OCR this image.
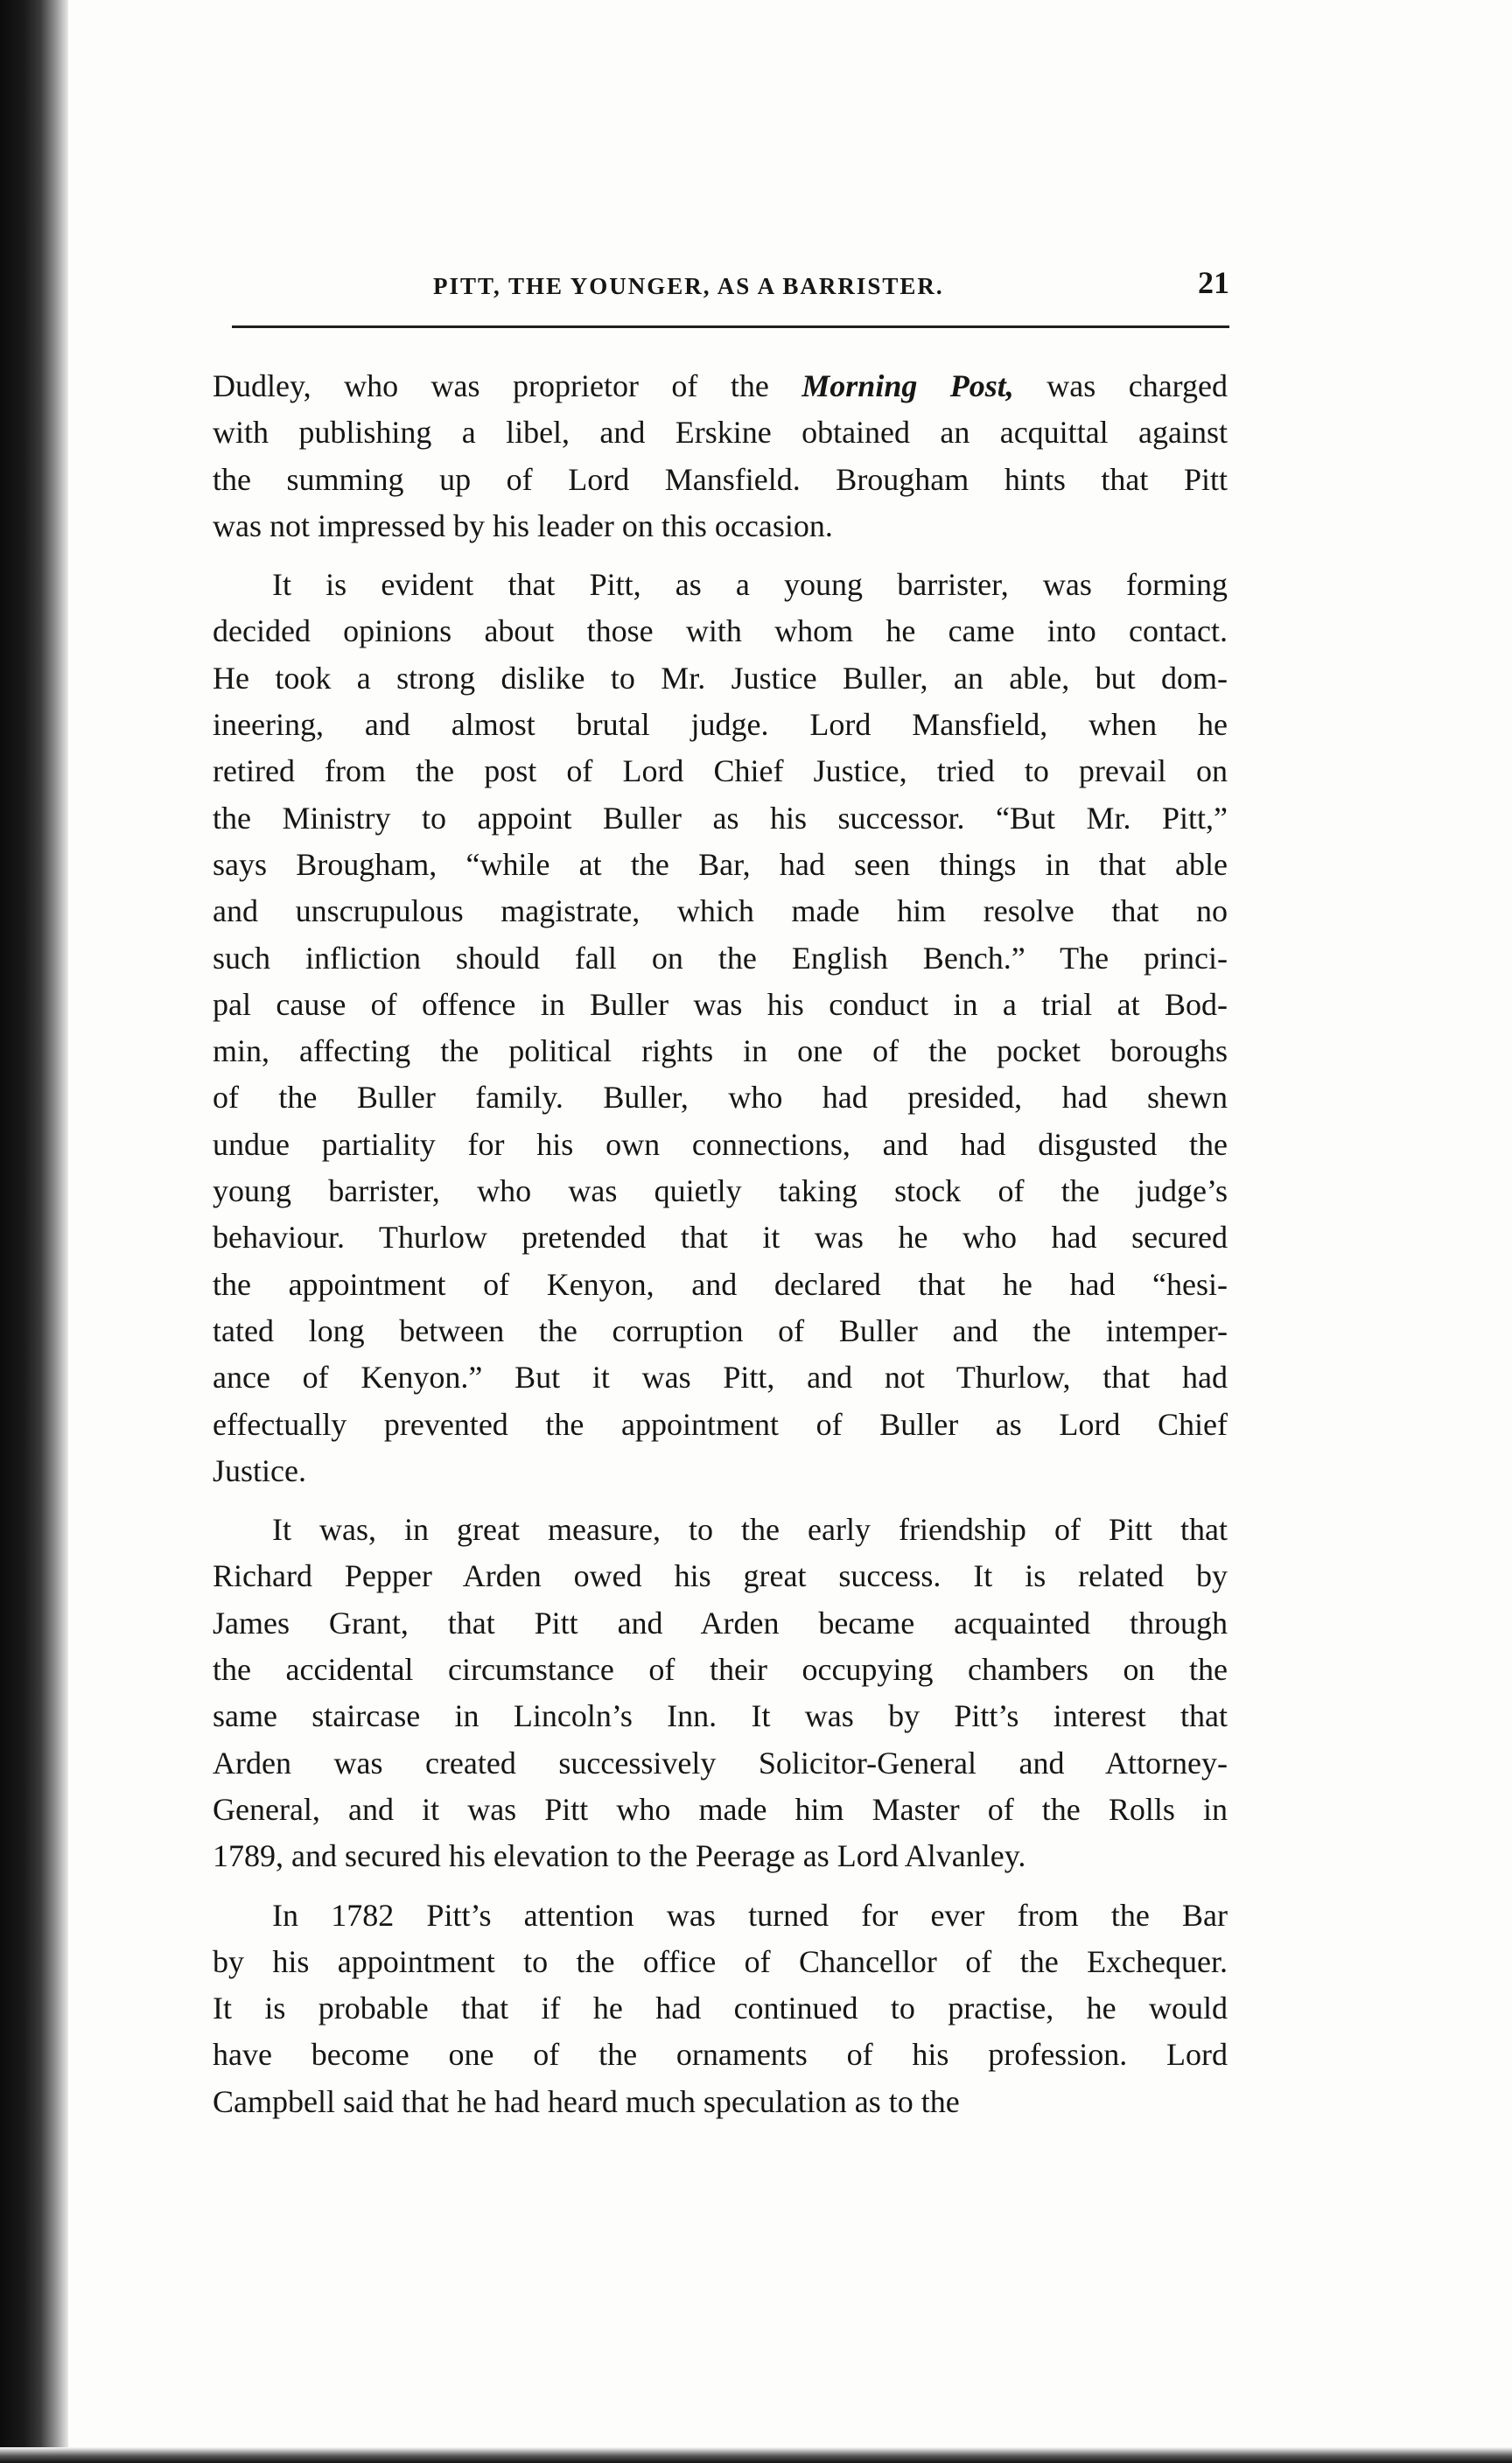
PITT, THE YOUNGER, AS A BARRISTER.	21
Dudley, who was proprietor of the Morning Post, was charged
with publishing a libel, and Erskine obtained an acquittal against
the summing up of Lord Mansfield. Brougham hints that Pitt
was not impressed by his leader on this occasion.
It is evident that Pitt, as a young barrister, was forming
decided opinions about those with whom he came into contact.
He took a strong dislike to Mr. Justice Buller, an able, but dom-
ineering, and almost brutal judge. Lord Mansfield, when he
retired from the post of Lord Chief Justice, tried to prevail on
the Ministry to appoint Buller as his successor. “But Mr. Pitt,”
says Brougham, “while at the Bar, had seen things in that able
and unscrupulous magistrate, which made him resolve that no
such infliction should fall on the English Bench.” The princi-
pal cause of offence in Buller was his conduct in a trial at Bod-
min, affecting the political rights in one of the pocket boroughs
of the Buller family. Buller, who had presided, had shewn
undue partiality for his own connections, and had disgusted the
young barrister, who was quietly taking stock of the judge’s
behaviour. Thurlow pretended that it was he who had secured
the appointment of Kenyon, and declared that he had “hesi-
tated long between the corruption of Buller and the intemper-
ance of Kenyon.” But it was Pitt, and not Thurlow, that had
effectually prevented the appointment of Buller as Lord Chief
Justice.
It was, in great measure, to the early friendship of Pitt that
Richard Pepper Arden owed his great success. It is related by
James Grant, that Pitt and Arden became acquainted through
the accidental circumstance of their occupying chambers on the
same staircase in Lincoln’s Inn. It was by Pitt’s interest that
Arden was created successively Solicitor-General and Attorney-
General, and it was Pitt who made him Master of the Rolls in
1789, and secured his elevation to the Peerage as Lord Alvanley.
In 1782 Pitt’s attention was turned for ever from the Bar
by his appointment to the office of Chancellor of the Exchequer.
It is probable that if he had continued to practise, he would
have become one of the ornaments of his profession. Lord
Campbell said that he had heard much speculation as to the
